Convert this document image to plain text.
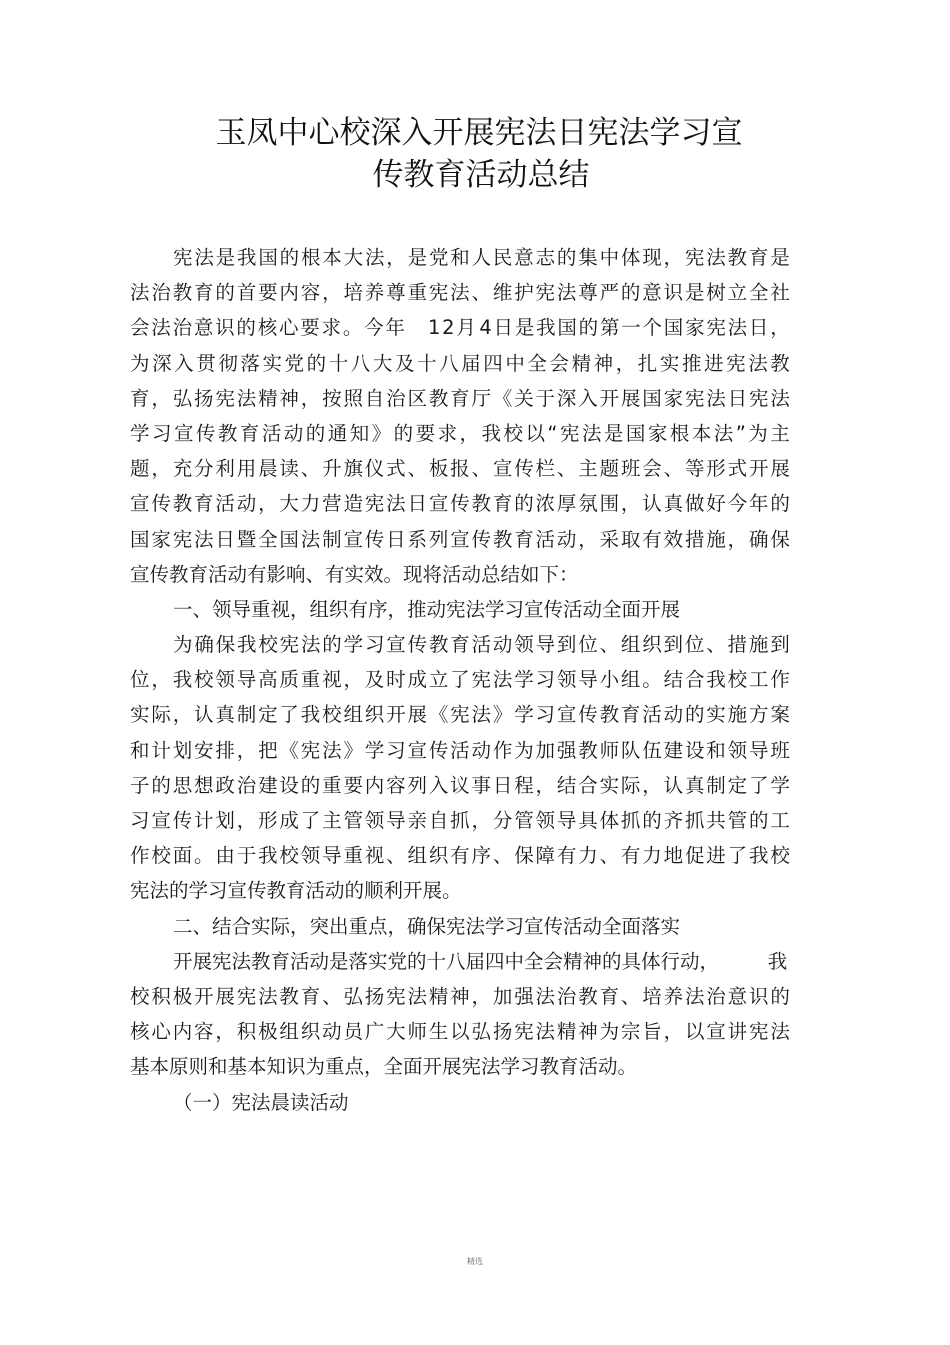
玉凤中心校深入开展宪法日宪法学习宣
传教育活动总结
宪 法 是 我 国 的 根 本 大 法 ， 是 党 和 人 民 意 志 的 集 中 体 现 ， 宪 法 教 育 是
法 治 教 育 的 首 要 内 容 ， 培 养 尊 重 宪 法 、 维 护 宪 法 尊 严 的 意 识 是 树 立 全 社
会 法 治 意 识 的 核 心 要 求 。 今 年
　 1 2 月 4 日 是 我 国 的 第 一 个 国 家 宪 法 日 ，
为 深 入 贯 彻 落 实 党 的 十 八 大 及 十 八 届 四 中 全 会 精 神 ， 扎 实 推 进 宪 法 教
育 ， 弘 扬 宪 法 精 神 ， 按 照 自 治 区 教 育 厅 《 关 于 深 入 开 展 国 家 宪 法 日 宪 法
学 习 宣 传 教 育 活 动 的 通 知 》 的 要 求 ， 我 校 以 “ 宪 法 是 国 家 根 本 法 ” 为 主
题 ， 充 分 利 用 晨 读 、 升 旗 仪 式 、 板 报 、 宣 传 栏 、 主 题 班 会 、 等 形 式 开 展
宣 传 教 育 活 动 ， 大 力 营 造 宪 法 日 宣 传 教 育 的 浓 厚 氛 围 ， 认 真 做 好 今 年 的
国 家 宪 法 日 暨 全 国 法 制 宣 传 日 系 列 宣 传 教 育 活 动 ， 采 取 有 效 措 施 ， 确 保
宣传教育活动有影响、有实效。现将活动总结如下：
一、领导重视，组织有序，推动宪法学习宣传活动全面开展
为 确 保 我 校 宪 法 的 学 习 宣 传 教 育 活 动 领 导 到 位 、 组 织 到 位 、 措 施 到
位 ， 我 校 领 导 高 质 重 视 ， 及 时 成 立 了 宪 法 学 习 领 导 小 组 。 结 合 我 校 工 作
实 际 ， 认 真 制 定 了 我 校 组 织 开 展 《 宪 法 》 学 习 宣 传 教 育 活 动 的 实 施 方 案
和 计 划 安 排 ， 把 《 宪 法 》 学 习 宣 传 活 动 作 为 加 强 教 师 队 伍 建 设 和 领 导 班
子 的 思 想 政 治 建 设 的 重 要 内 容 列 入 议 事 日 程 ， 结 合 实 际 ， 认 真 制 定 了 学
习 宣 传 计 划 ， 形 成 了 主 管 领 导 亲 自 抓 ， 分 管 领 导 具 体 抓 的 齐 抓 共 管 的 工
作 校 面 。 由 于 我 校 领 导 重 视 、 组 织 有 序 、 保 障 有 力 、 有 力 地 促 进 了 我 校
宪法的学习宣传教育活动的顺利开展。
二、结合实际，突出重点，确保宪法学习宣传活动全面落实
开展宪法教育活动是落实党的十八届四中全会精神的具体行动，　　　我
校 积 极 开 展 宪 法 教 育 、 弘 扬 宪 法 精 神 ， 加 强 法 治 教 育 、 培 养 法 治 意 识 的
核 心 内 容 ， 积 极 组 织 动 员 广 大 师 生 以 弘 扬 宪 法 精 神 为 宗 旨 ， 以 宣 讲 宪 法
基本原则和基本知识为重点，全面开展宪法学习教育活动。
（一）宪法晨读活动
精选
